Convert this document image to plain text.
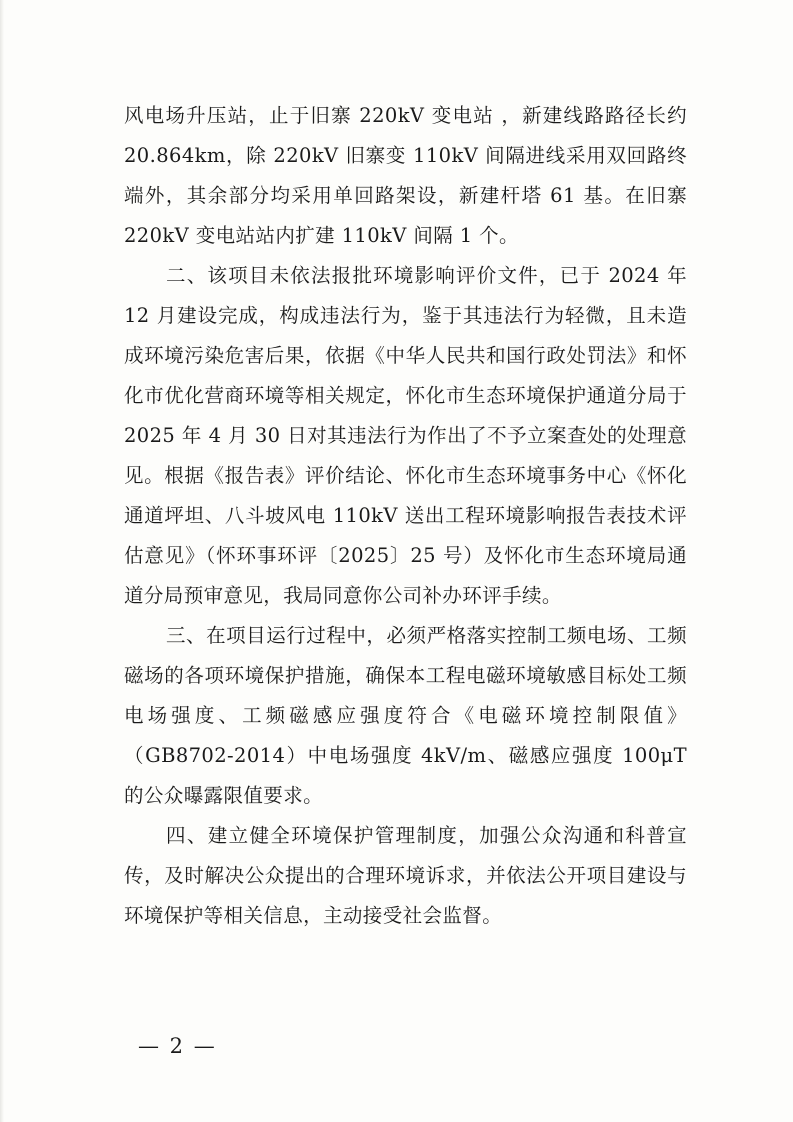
风电场升压站，止于旧寨 220kV 变电站 ，新建线路路径长约 20.864km，除 220kV 旧寨变 110kV 间隔进线采用双回路终端外，其余部分均采用单回路架设，新建杆塔 61 基。在旧寨 220kV 变电站站内扩建 110kV 间隔 1 个。

二、该项目未依法报批环境影响评价文件，已于 2024 年 12 月建设完成，构成违法行为，鉴于其违法行为轻微，且未造成环境污染危害后果，依据《中华人民共和国行政处罚法》和怀化市优化营商环境等相关规定，怀化市生态环境保护通道分局于 2025 年 4 月 30 日对其违法行为作出了不予立案查处的处理意见。根据《报告表》评价结论、怀化市生态环境事务中心《怀化通道坪坦、八斗坡风电 110kV 送出工程环境影响报告表技术评估意见》（怀环事环评〔2025〕25 号）及怀化市生态环境局通道分局预审意见，我局同意你公司补办环评手续。

三、在项目运行过程中，必须严格落实控制工频电场、工频磁场的各项环境保护措施，确保本工程电磁环境敏感目标处工频电场强度、工频磁感应强度符合《电磁环境控制限值》（GB8702-2014）中电场强度 4kV/m、磁感应强度 100μT 的公众曝露限值要求。

四、建立健全环境保护管理制度，加强公众沟通和科普宣传，及时解决公众提出的合理环境诉求，并依法公开项目建设与环境保护等相关信息，主动接受社会监督。

— 2 —
